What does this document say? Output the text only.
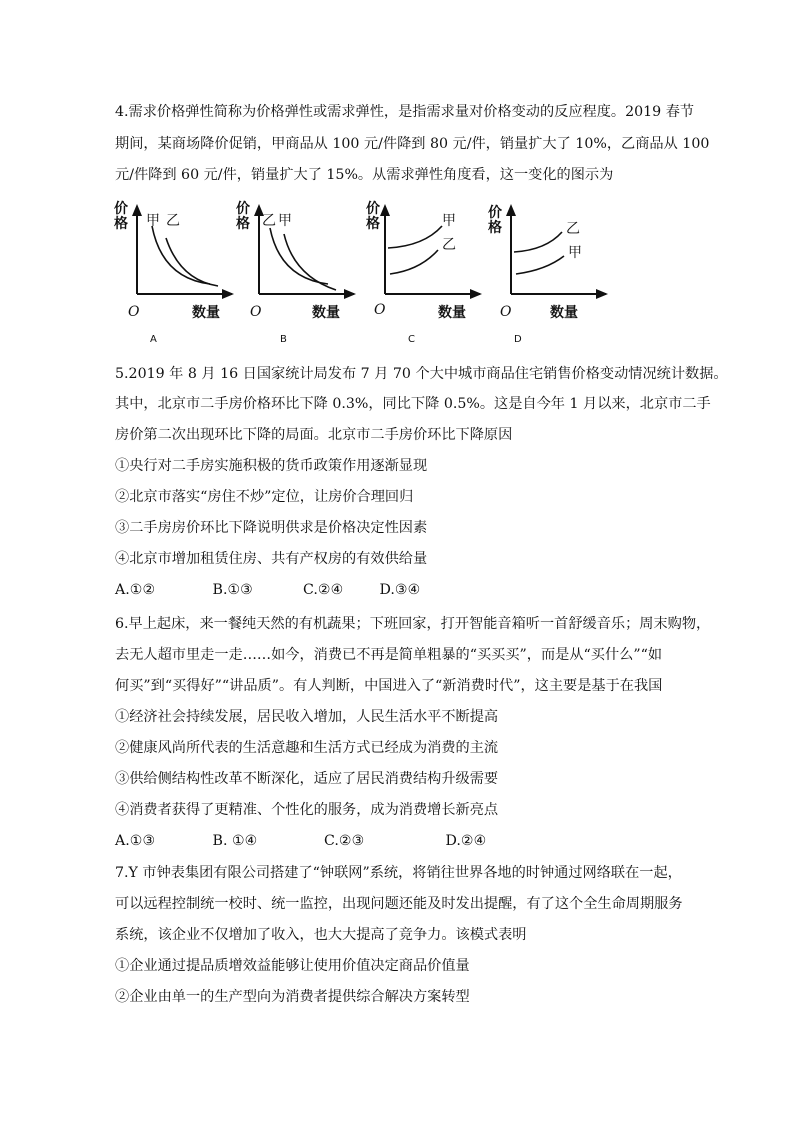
4.需求价格弹性简称为价格弹性或需求弹性，是指需求量对价格变动的反应程度。2019 春节
期间，某商场降价促销，甲商品从 100 元/件降到 80 元/件，销量扩大了 10%，乙商品从 100
元/件降到 60 元/件，销量扩大了 15%。从需求弹性角度看，这一变化的图示为
价格 甲 乙
O	数量
A
价格 乙 甲
O	数量
B
价格	甲
乙
O	数量
C
价格	乙
甲
O	数量
D
5.2019 年 8 月 16 日国家统计局发布 7 月 70 个大中城市商品住宅销售价格变动情况统计数据。
其中，北京市二手房价格环比下降 0.3%，同比下降 0.5%。这是自今年 1 月以来，北京市二手
房价第二次出现环比下降的局面。北京市二手房价环比下降原因
①央行对二手房实施积极的货币政策作用逐渐显现
②北京市落实“房住不炒”定位，让房价合理回归
③二手房房价环比下降说明供求是价格决定性因素
④北京市增加租赁住房、共有产权房的有效供给量
A.①②	B.①③	C.②④	D.③④
6.早上起床，来一餐纯天然的有机蔬果；下班回家，打开智能音箱听一首舒缓音乐；周末购物，
去无人超市里走一走……如今，消费已不再是简单粗暴的“买买买”，而是从“买什么”“如
何买”到“买得好”“讲品质”。有人判断，中国进入了“新消费时代”，这主要是基于在我国
①经济社会持续发展，居民收入增加，人民生活水平不断提高
②健康风尚所代表的生活意趣和生活方式已经成为消费的主流
③供给侧结构性改革不断深化，适应了居民消费结构升级需要
④消费者获得了更精准、个性化的服务，成为消费增长新亮点
A.①③	B. ①④	C.②③	D.②④
7.Y 市钟表集团有限公司搭建了“钟联网”系统，将销往世界各地的时钟通过网络联在一起，
可以远程控制统一校时、统一监控，出现问题还能及时发出提醒，有了这个全生命周期服务
系统，该企业不仅增加了收入，也大大提高了竞争力。该模式表明
①企业通过提品质增效益能够让使用价值决定商品价值量
②企业由单一的生产型向为消费者提供综合解决方案转型
